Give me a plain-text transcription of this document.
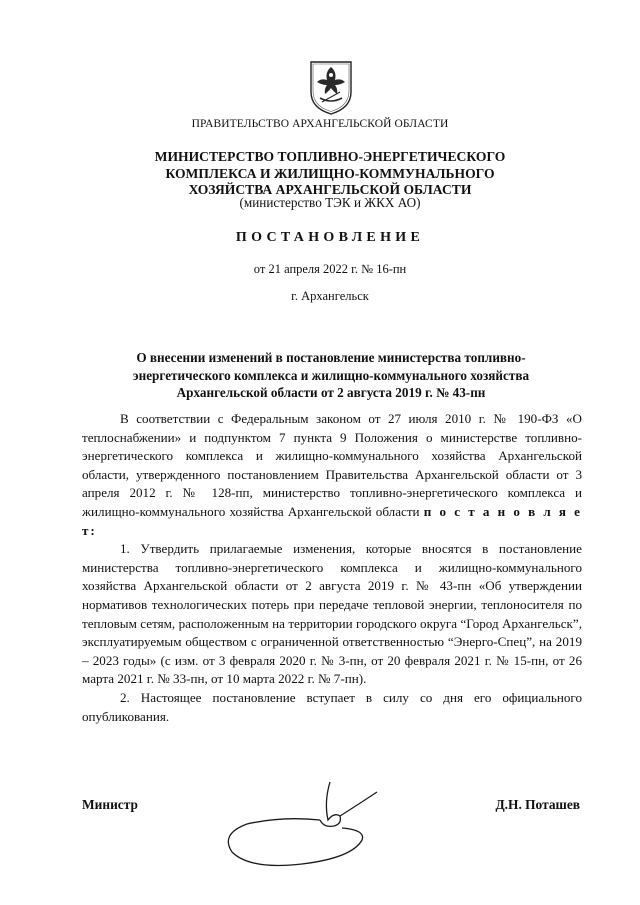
ПРАВИТЕЛЬСТВО АРХАНГЕЛЬСКОЙ ОБЛАСТИ
МИНИСТЕРСТВО ТОПЛИВНО-ЭНЕРГЕТИЧЕСКОГО
КОМПЛЕКСА И ЖИЛИЩНО-КОММУНАЛЬНОГО
ХОЗЯЙСТВА АРХАНГЕЛЬСКОЙ ОБЛАСТИ
(министерство ТЭК и ЖКХ АО)
ПОСТАНОВЛЕНИЕ
от 21 апреля 2022 г. № 16-пн
г. Архангельск
О внесении изменений в постановление министерства топливно-
энергетического комплекса и жилищно-коммунального хозяйства
Архангельской области от 2 августа 2019 г. № 43-пн

В соответствии с Федеральным законом от 27 июля 2010 г. № 190-ФЗ «О теплоснабжении» и подпунктом 7 пункта 9 Положения о министерстве топливно-энергетического комплекса и жилищно-коммунального хозяйства Архангельской области, утвержденного постановлением Правительства Архангельской области от 3 апреля 2012 г. № 128-пп, министерство топливно-энергетического комплекса и жилищно-коммунального хозяйства Архангельской области п о с т а н о в л я е т:

1. Утвердить прилагаемые изменения, которые вносятся в постановление министерства топливно-энергетического комплекса и жилищно-коммунального хозяйства Архангельской области от 2 августа 2019 г. № 43-пн «Об утверждении нормативов технологических потерь при передаче тепловой энергии, теплоносителя по тепловым сетям, расположенным на территории городского округа “Город Архангельск”, эксплуатируемым обществом с ограниченной ответственностью “Энерго-Спец”, на 2019 – 2023 годы» (с изм. от 3 февраля 2020 г. № 3-пн, от 20 февраля 2021 г. № 15-пн, от 26 марта 2021 г. № 33-пн, от 10 марта 2022 г. № 7-пн).

2. Настоящее постановление вступает в силу со дня его официального опубликования.

Министр	Д.Н. Поташев
